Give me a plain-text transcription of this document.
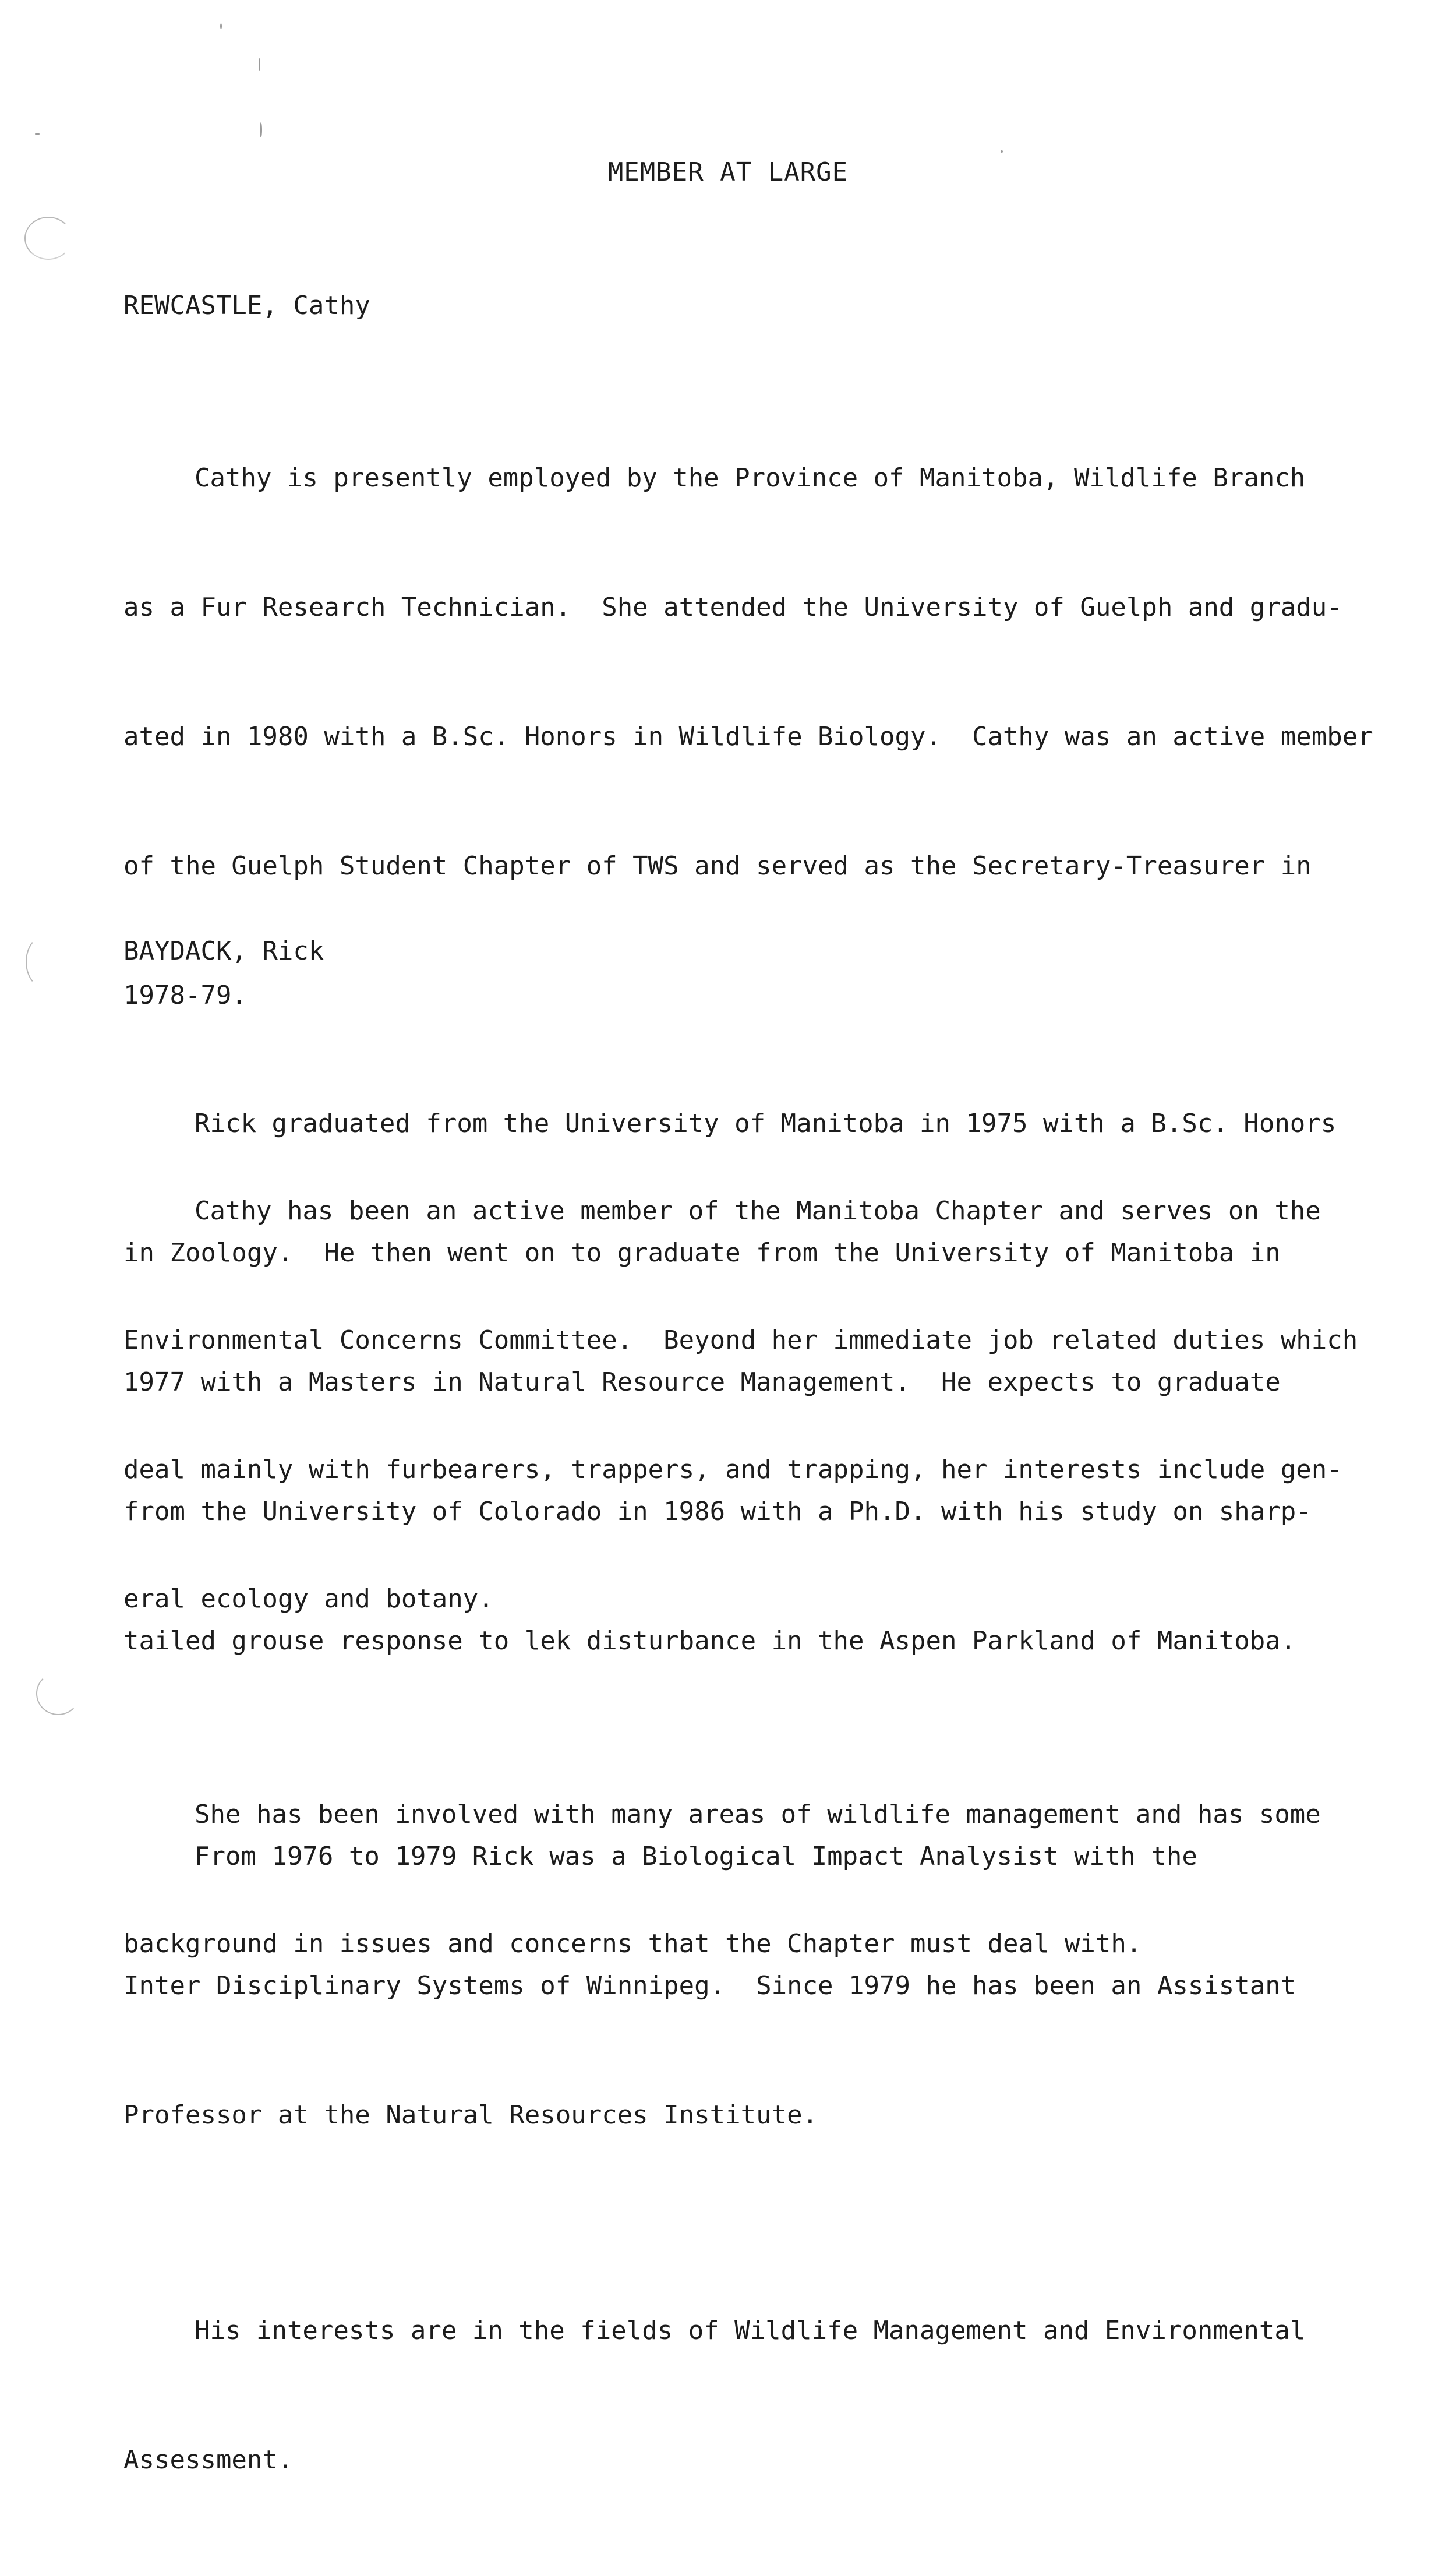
MEMBER AT LARGE
REWCASTLE, Cathy

Cathy is presently employed by the Province of Manitoba, Wildlife Branch

as a Fur Research Technician.  She attended the University of Guelph and gradu-

ated in 1980 with a B.Sc. Honors in Wildlife Biology.  Cathy was an active member

of the Guelph Student Chapter of TWS and served as the Secretary-Treasurer in

1978-79.

Cathy has been an active member of the Manitoba Chapter and serves on the

Environmental Concerns Committee.  Beyond her immediate job related duties which

deal mainly with furbearers, trappers, and trapping, her interests include gen-

eral ecology and botany.

She has been involved with many areas of wildlife management and has some

background in issues and concerns that the Chapter must deal with.

BAYDACK, Rick

Rick graduated from the University of Manitoba in 1975 with a B.Sc. Honors

in Zoology.  He then went on to graduate from the University of Manitoba in

1977 with a Masters in Natural Resource Management.  He expects to graduate

from the University of Colorado in 1986 with a Ph.D. with his study on sharp-

tailed grouse response to lek disturbance in the Aspen Parkland of Manitoba.

From 1976 to 1979 Rick was a Biological Impact Analysist with the

Inter Disciplinary Systems of Winnipeg.  Since 1979 he has been an Assistant

Professor at the Natural Resources Institute.

His interests are in the fields of Wildlife Management and Environmental

Assessment.
